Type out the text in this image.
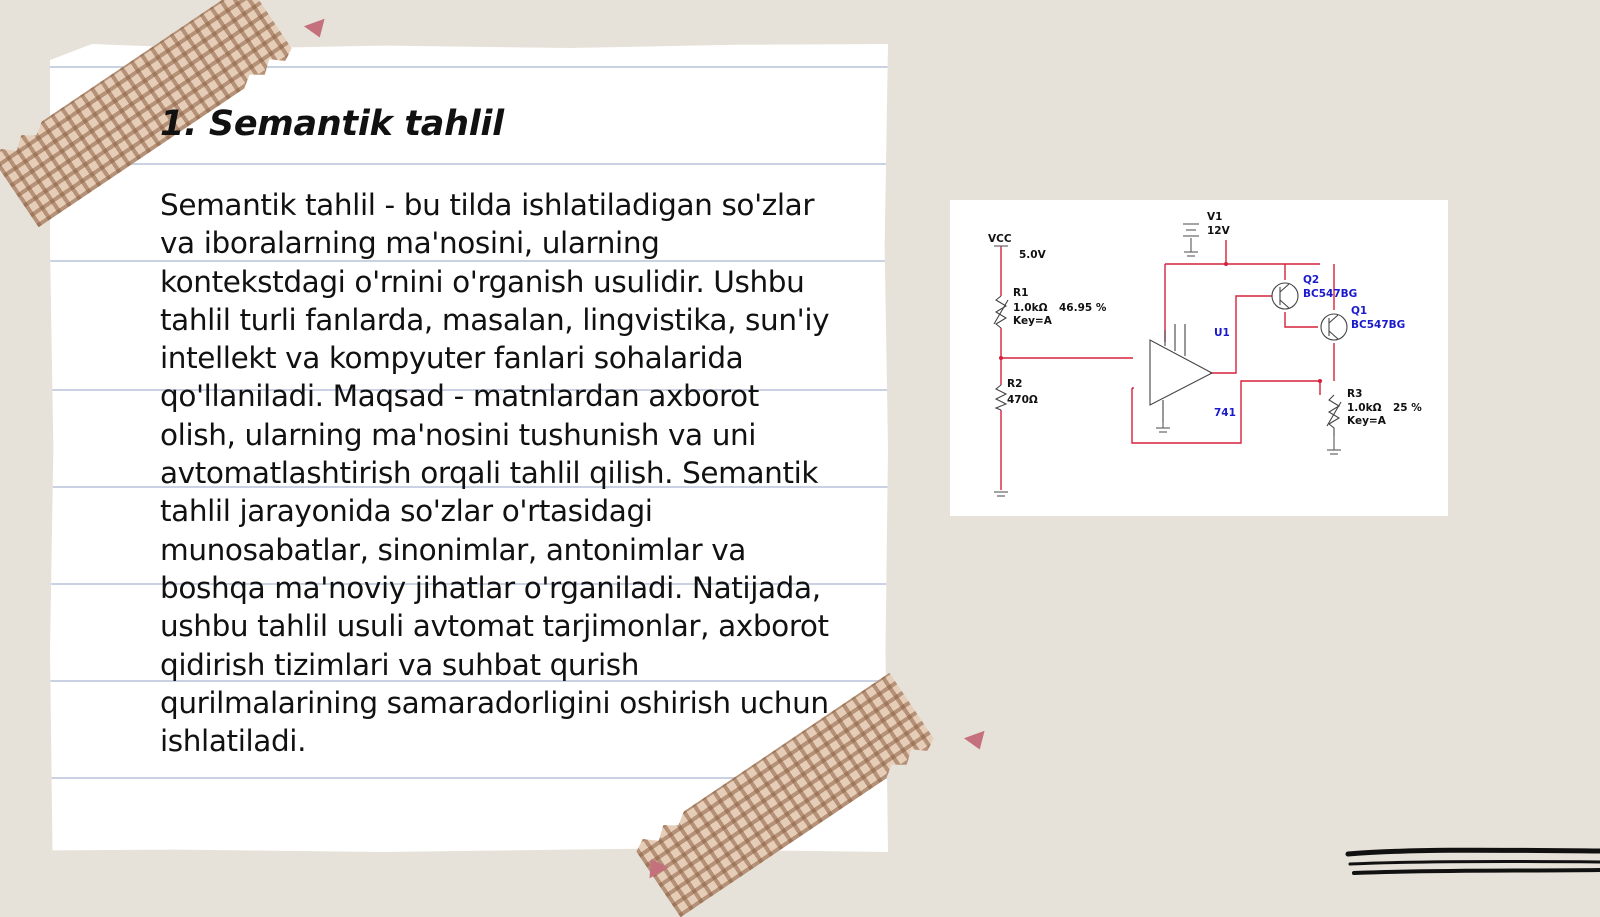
1. Semantik tahlil

Semantik tahlil - bu tilda ishlatiladigan so'zlar va iboralarning ma'nosini, ularning kontekstdagi o'rnini o'rganish usulidir. Ushbu tahlil turli fanlarda, masalan, lingvistika, sun'iy intellekt va kompyuter fanlari sohalarida qo'llaniladi. Maqsad - matnlardan axborot olish, ularning ma'nosini tushunish va uni avtomatlashtirish orqali tahlil qilish. Semantik tahlil jarayonida so'zlar o'rtasidagi munosabatlar, sinonimlar, antonimlar va boshqa ma'noviy jihatlar o'rganiladi. Natijada, ushbu tahlil usuli avtomat tarjimonlar, axborot qidirish tizimlari va suhbat qurish qurilmalarining samaradorligini oshirish uchun ishlatiladi.

VCC
5.0V
V1
12V
R1
1.0kΩ
Key=A
46.95 %
R2
470Ω	R3
1.0kΩ
Key=A
25 %
Q2
BC547BG
Q1
BC547BG
U1
741
